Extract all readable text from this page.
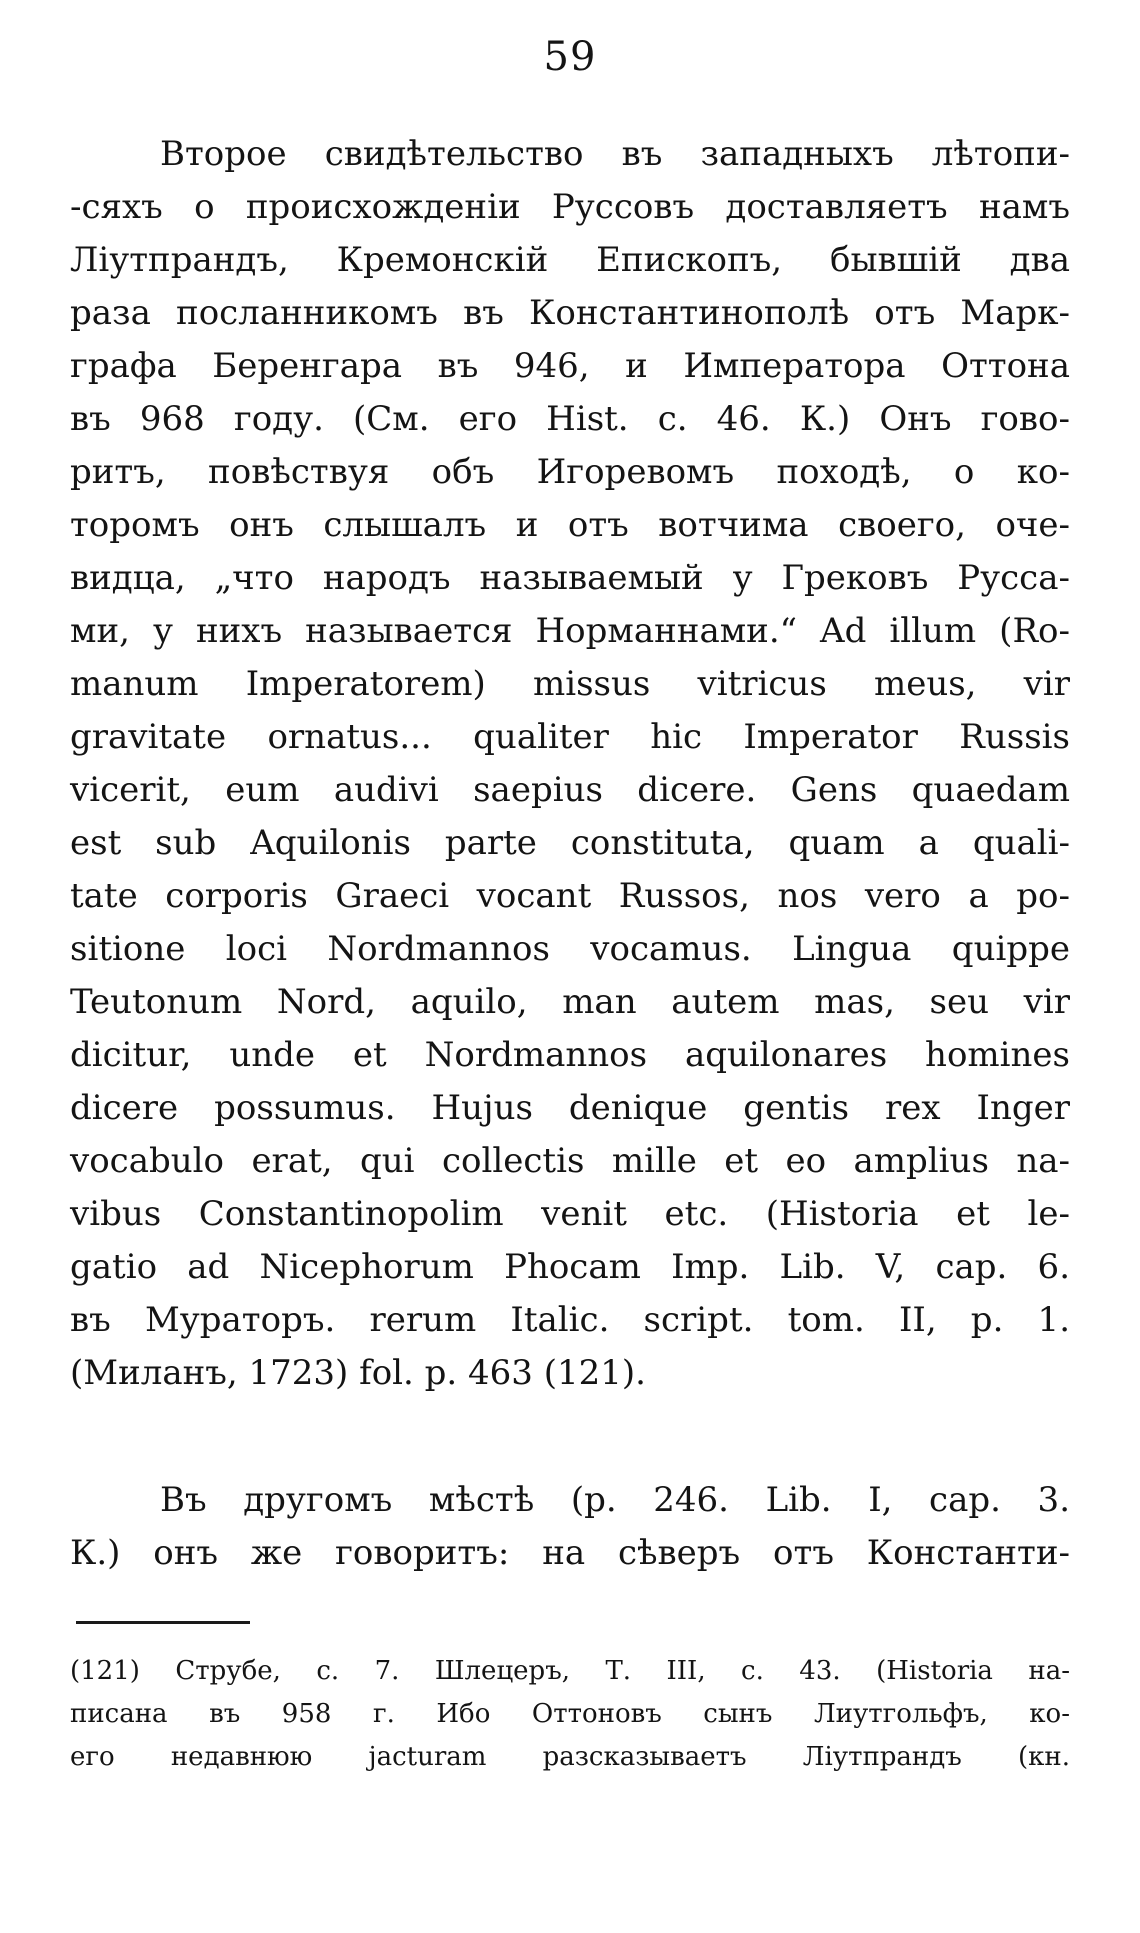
59
Второе свидѣтельство въ западныхъ лѣтопи-
-сяхъ о происхожденіи Руссовъ доставляетъ намъ
Ліутпрандъ, Кремонскій Епископъ, бывшій два
раза посланникомъ въ Константинополѣ отъ Марк-
графа Беренгара въ 946, и Императора Оттона
въ 968 году. (См. его Hist. c. 46. К.) Онъ гово-
ритъ, повѣствуя объ Игоревомъ походѣ, о ко-
торомъ онъ слышалъ и отъ вотчима своего, оче-
видца, „что народъ называемый у Грековъ Русса-
ми, у нихъ называется Норманнами.“ Ad illum (Ro-
manum Imperatorem) missus vitricus meus, vir
gravitate ornatus... qualiter hic Imperator Russis
vicerit, eum audivi saepius dicere. Gens quaedam
est sub Aquilonis parte constituta, quam a quali-
tate corporis Graeci vocant Russos, nos vero a po-
sitione loci Nordmannos vocamus. Lingua quippe
Teutonum Nord, aquilo, man autem mas, seu vir
dicitur, unde et Nordmannos aquilonares homines
dicere possumus. Hujus denique gentis rex Inger
vocabulo erat, qui collectis mille et eo amplius na-
vibus Constantinopolim venit etc. (Historia et le-
gatio ad Nicephorum Phocam Imp. Lib. V, cap. 6.
въ Мураторъ. rerum Italic. script. tom. II, p. 1.
(Миланъ, 1723) fol. p. 463 (121).
Въ другомъ мѣстѣ (р. 246. Lib. I, cap. 3.
К.) онъ же говоритъ: на сѣверъ отъ Константи-
(121) Струбе, с. 7. Шлецеръ, Т. III, с. 43. (Historia на-
писана въ 958 г. Ибо Оттоновъ сынъ Лиутгольфъ, ко-
его недавнюю jacturam разсказываетъ Ліутпрандъ (кн.
